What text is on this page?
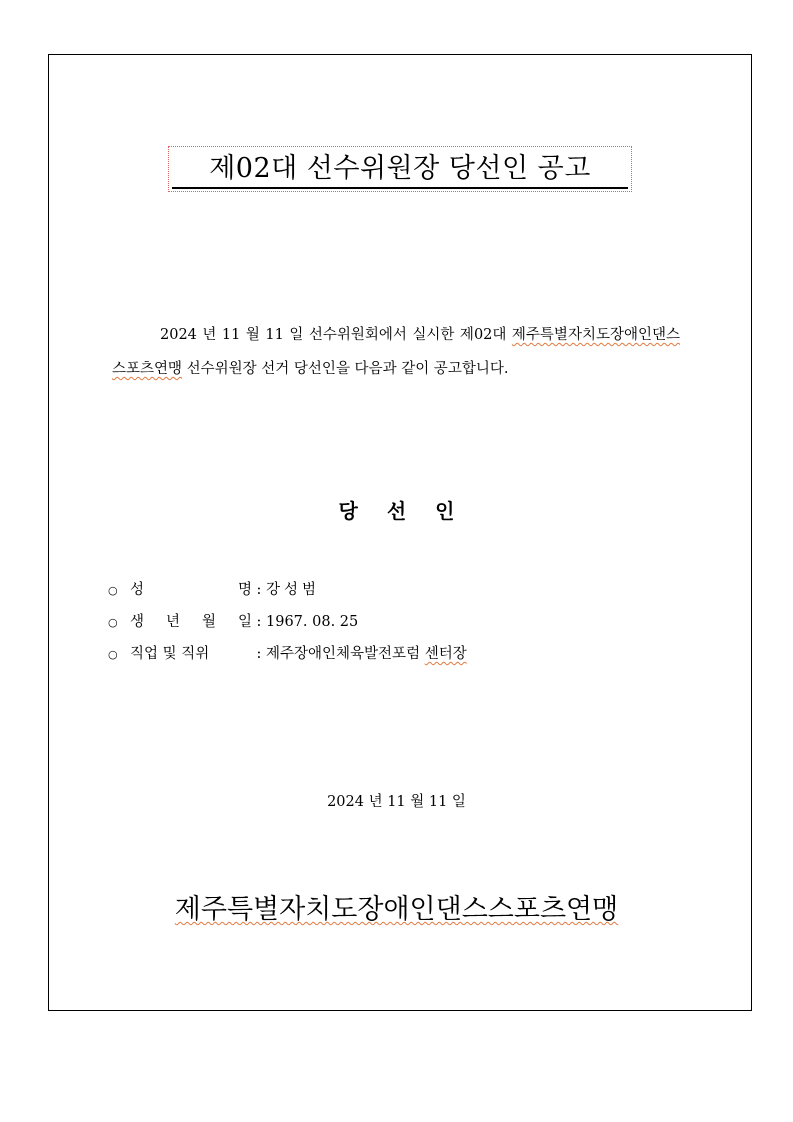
제02대 선수위원장 당선인 공고
2024 년 11 월 11 일 선수위원회에서 실시한 제02대 제주특별자치도장애인댄스스포츠연맹 선수위원장 선거 당선인을 다음과 같이 공고합니다.
당 선 인
○ 성	명 : 강성범
○ 생 년 월 일 : 1967. 08. 25
○ 직업 및 직위	: 제주장애인체육발전포럼 센터장
2024 년 11 월 11 일
제주특별자치도장애인댄스스포츠연맹
